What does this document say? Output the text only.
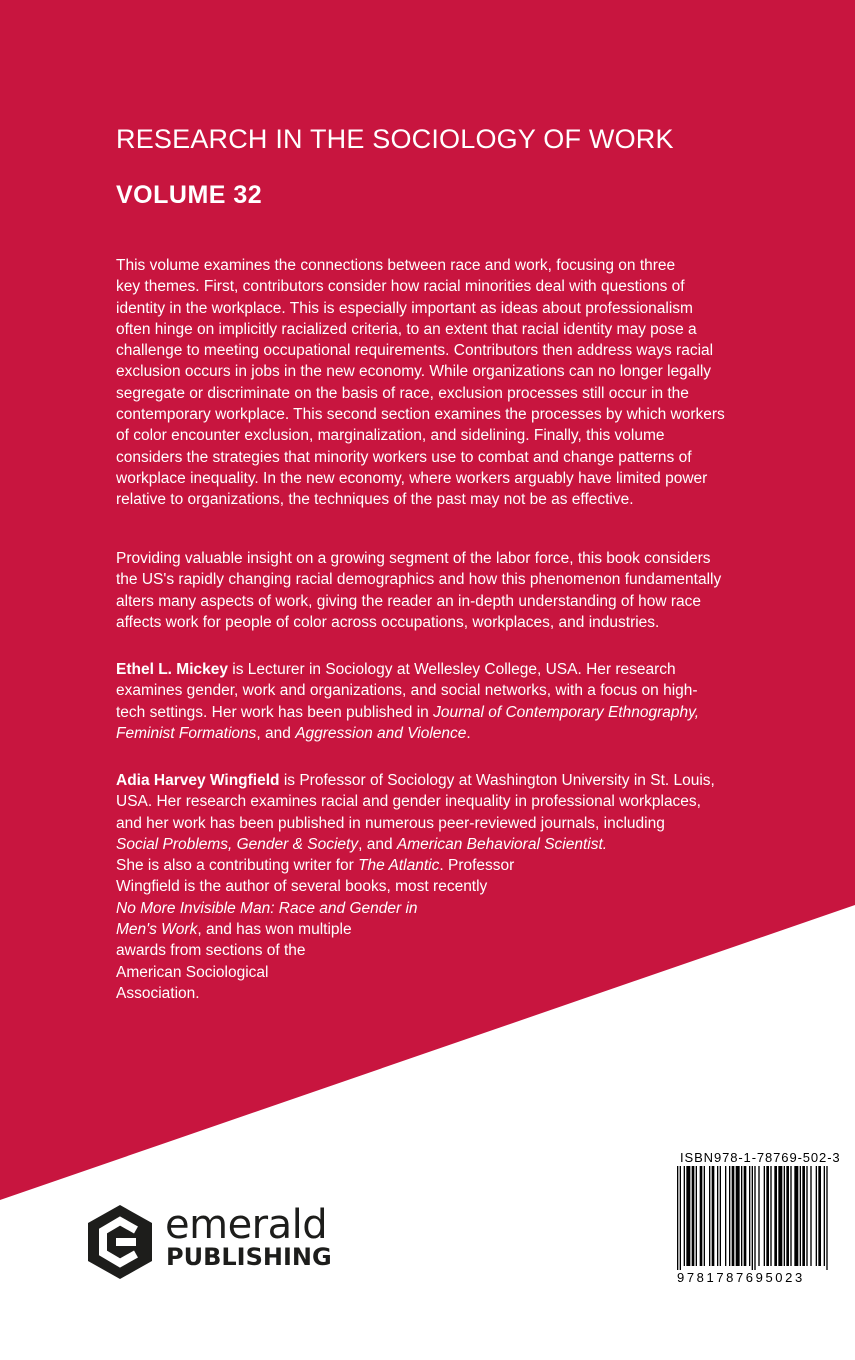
RESEARCH IN THE SOCIOLOGY OF WORK
VOLUME 32

This volume examines the connections between race and work, focusing on three
key themes. First, contributors consider how racial minorities deal with questions of
identity in the workplace. This is especially important as ideas about professionalism
often hinge on implicitly racialized criteria, to an extent that racial identity may pose a
challenge to meeting occupational requirements. Contributors then address ways racial
exclusion occurs in jobs in the new economy. While organizations can no longer legally
segregate or discriminate on the basis of race, exclusion processes still occur in the
contemporary workplace. This second section examines the processes by which workers
of color encounter exclusion, marginalization, and sidelining. Finally, this volume
considers the strategies that minority workers use to combat and change patterns of
workplace inequality. In the new economy, where workers arguably have limited power
relative to organizations, the techniques of the past may not be as effective.

Providing valuable insight on a growing segment of the labor force, this book considers
the US's rapidly changing racial demographics and how this phenomenon fundamentally
alters many aspects of work, giving the reader an in-depth understanding of how race
affects work for people of color across occupations, workplaces, and industries.

Ethel L. Mickey is Lecturer in Sociology at Wellesley College, USA. Her research
examines gender, work and organizations, and social networks, with a focus on high-
tech settings. Her work has been published in Journal of Contemporary Ethnography,
Feminist Formations, and Aggression and Violence.

Adia Harvey Wingfield is Professor of Sociology at Washington University in St. Louis,
USA. Her research examines racial and gender inequality in professional workplaces,
and her work has been published in numerous peer-reviewed journals, including
Social Problems, Gender & Society, and American Behavioral Scientist.
She is also a contributing writer for The Atlantic. Professor
Wingfield is the author of several books, most recently
No More Invisible Man: Race and Gender in
Men's Work, and has won multiple
awards from sections of the
American Sociological
Association.

ISBN978-1-78769-502-3
9781787695023
emerald
PUBLISHING
